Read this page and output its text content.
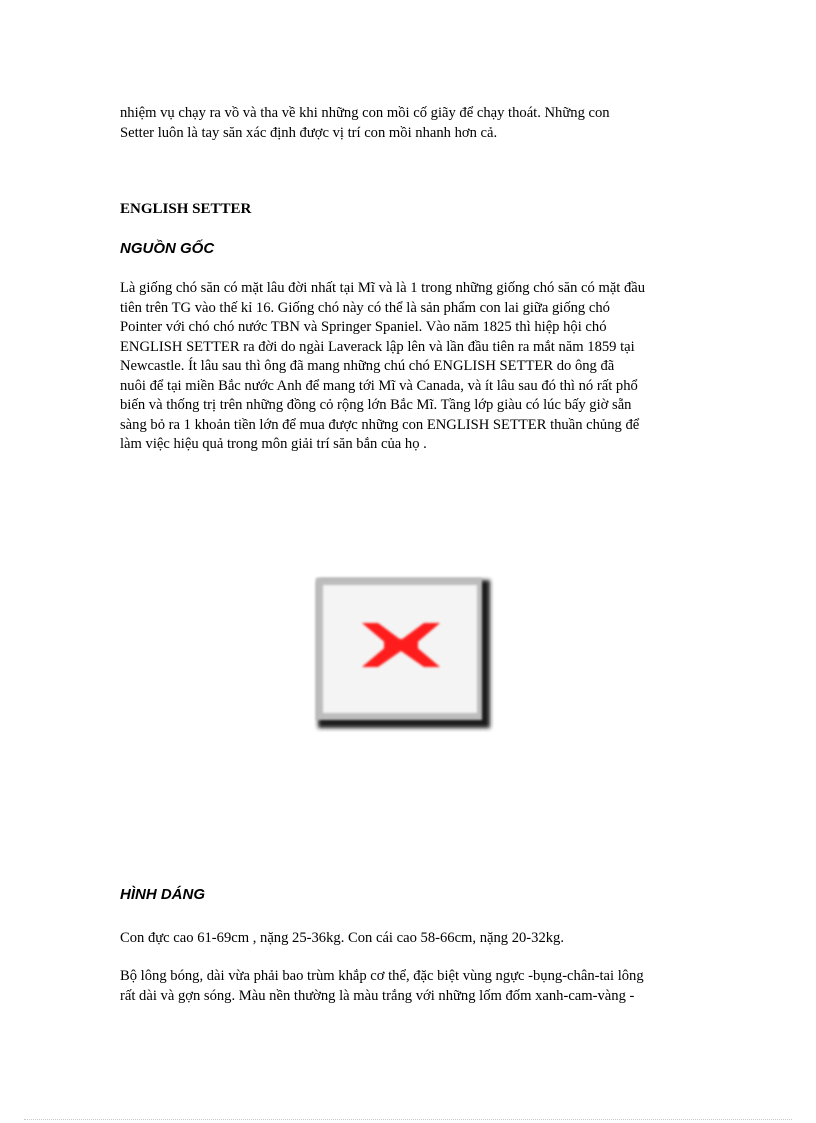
nhiệm vụ chạy ra vồ và tha về khi những con mồi cố giãy để chạy thoát. Những con
Setter luôn là tay săn xác định được vị trí con mồi nhanh hơn cả.

ENGLISH SETTER
NGUỒN GỐC

Là giống chó săn có mặt lâu đời nhất tại Mĩ và là 1 trong những giống chó săn có mặt đầu
tiên trên TG vào thế kỉ 16. Giống chó này có thể là sản phẩm con lai giữa giống chó
Pointer với chó chó nước TBN và Springer Spaniel. Vào năm 1825 thì hiệp hội chó
ENGLISH SETTER ra đời do ngài Laverack lập lên và lần đầu tiên ra mắt năm 1859 tại
Newcastle. Ít lâu sau thì ông đã mang những chú chó ENGLISH SETTER do ông đã
nuôi để tại miền Bắc nước Anh để mang tới Mĩ và Canada, và ít lâu sau đó thì nó rất phổ
biến và thống trị trên những đồng cỏ rộng lớn Bắc Mĩ. Tầng lớp giàu có lúc bấy giờ sẵn
sàng bỏ ra 1 khoản tiền lớn để mua được những con ENGLISH SETTER thuần chủng để
làm việc hiệu quả trong môn giải trí săn bắn của họ .

HÌNH DÁNG

Con đực cao 61-69cm , nặng 25-36kg. Con cái cao 58-66cm, nặng 20-32kg.

Bộ lông bóng, dài vừa phải bao trùm khắp cơ thể, đặc biệt vùng ngực -bụng-chân-tai lông
rất dài và gợn sóng. Màu nền thường là màu trắng với những lốm đốm xanh-cam-vàng -
